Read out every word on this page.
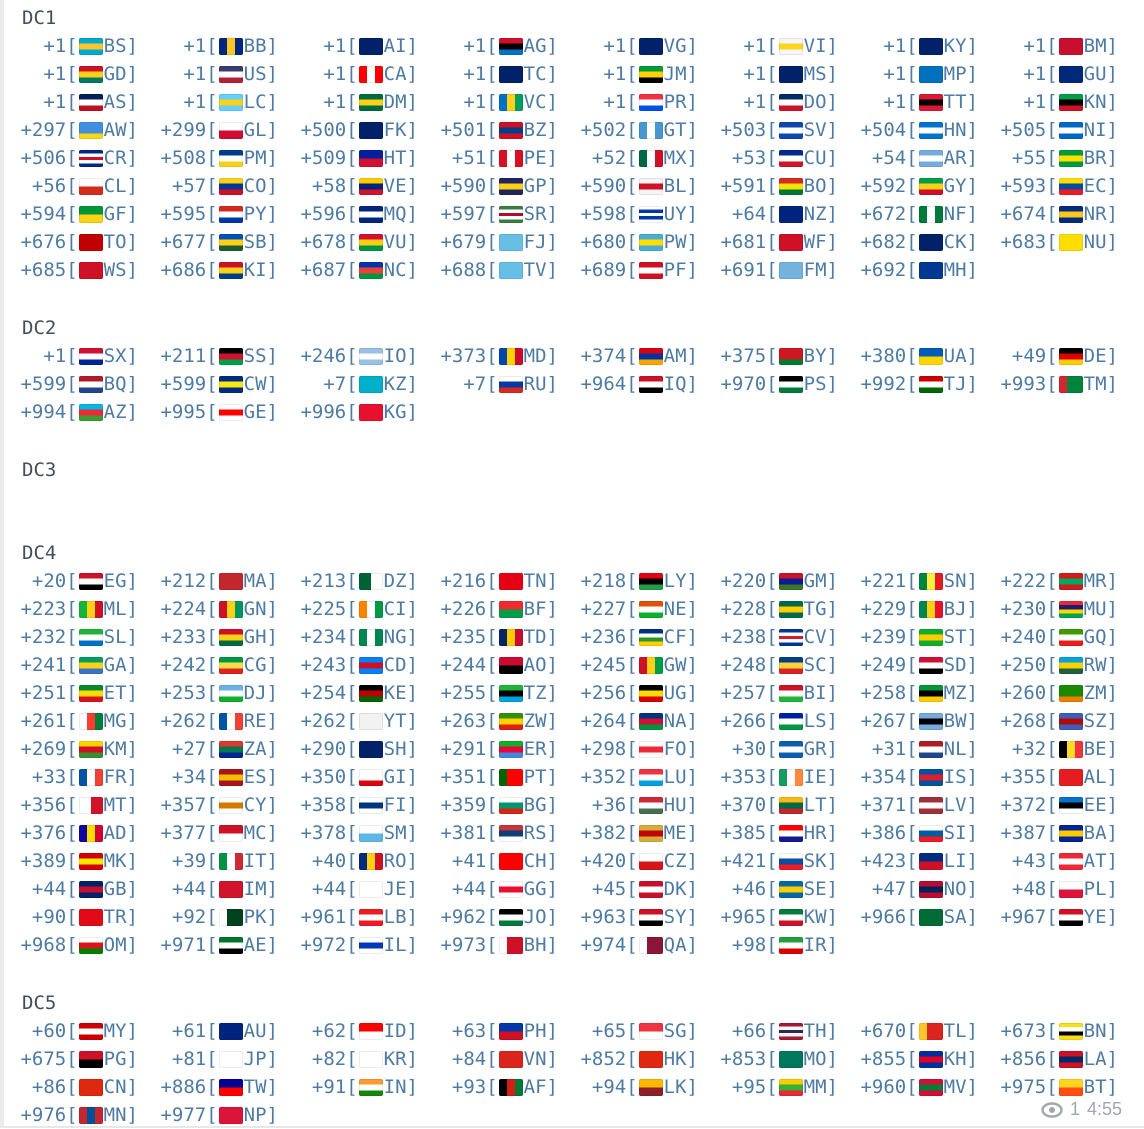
DC1
+1[ BS] +1[ BB] +1[ AI] +1[ AG] +1[ VG] +1[ VI] +1[ KY] +1[ BM]
+1[ GD] +1[ US] +1[ CA] +1[ TC] +1[ JM] +1[ MS] +1[ MP] +1[ GU]
+1[ AS] +1[ LC] +1[ DM] +1[ VC] +1[ PR] +1[ DO] +1[ TT] +1[ KN]
+297[ AW] +299[ GL] +500[ FK] +501[ BZ] +502[ GT] +503[ SV] +504[ HN] +505[ NI]
+506[ CR] +508[ PM] +509[ HT] +51[ PE] +52[ MX] +53[ CU] +54[ AR] +55[ BR]
+56[ CL] +57[ CO] +58[ VE] +590[ GP] +590[ BL] +591[ BO] +592[ GY] +593[ EC]
+594[ GF] +595[ PY] +596[ MQ] +597[ SR] +598[ UY] +64[ NZ] +672[ NF] +674[ NR]
+676[ TO] +677[ SB] +678[ VU] +679[ FJ] +680[ PW] +681[ WF] +682[ CK] +683[ NU]
+685[ WS] +686[ KI] +687[ NC] +688[ TV] +689[ PF] +691[ FM] +692[ MH]
DC2
+1[ SX] +211[ SS] +246[ IO] +373[ MD] +374[ AM] +375[ BY] +380[ UA] +49[ DE]
+599[ BQ] +599[ CW] +7[ KZ] +7[ RU] +964[ IQ] +970[ PS] +992[ TJ] +993[ TM]
+994[ AZ] +995[ GE] +996[ KG]
DC3
DC4
+20[ EG] +212[ MA] +213[ DZ] +216[ TN] +218[ LY] +220[ GM] +221[ SN] +222[ MR]
+223[ ML] +224[ GN] +225[ CI] +226[ BF] +227[ NE] +228[ TG] +229[ BJ] +230[ MU]
+232[ SL] +233[ GH] +234[ NG] +235[ TD] +236[ CF] +238[ CV] +239[ ST] +240[ GQ]
+241[ GA] +242[ CG] +243[ CD] +244[ AO] +245[ GW] +248[ SC] +249[ SD] +250[ RW]
+251[ ET] +253[ DJ] +254[ KE] +255[ TZ] +256[ UG] +257[ BI] +258[ MZ] +260[ ZM]
+261[ MG] +262[ RE] +262[ YT] +263[ ZW] +264[ NA] +266[ LS] +267[ BW] +268[ SZ]
+269[ KM] +27[ ZA] +290[ SH] +291[ ER] +298[ FO] +30[ GR] +31[ NL] +32[ BE]
+33[ FR] +34[ ES] +350[ GI] +351[ PT] +352[ LU] +353[ IE] +354[ IS] +355[ AL]
+356[ MT] +357[ CY] +358[ FI] +359[ BG] +36[ HU] +370[ LT] +371[ LV] +372[ EE]
+376[ AD] +377[ MC] +378[ SM] +381[ RS] +382[ ME] +385[ HR] +386[ SI] +387[ BA]
+389[ MK] +39[ IT] +40[ RO] +41[ CH] +420[ CZ] +421[ SK] +423[ LI] +43[ AT]
+44[ GB] +44[ IM] +44[ JE] +44[ GG] +45[ DK] +46[ SE] +47[ NO] +48[ PL]
+90[ TR] +92[ PK] +961[ LB] +962[ JO] +963[ SY] +965[ KW] +966[ SA] +967[ YE]
+968[ OM] +971[ AE] +972[ IL] +973[ BH] +974[ QA] +98[ IR]
DC5
+60[ MY] +61[ AU] +62[ ID] +63[ PH] +65[ SG] +66[ TH] +670[ TL] +673[ BN]
+675[ PG] +81[ JP] +82[ KR] +84[ VN] +852[ HK] +853[ MO] +855[ KH] +856[ LA]
+86[ CN] +886[ TW] +91[ IN] +93[ AF] +94[ LK] +95[ MM] +960[ MV] +975[ BT]
+976[ MN] +977[ NP]	1 4:55
